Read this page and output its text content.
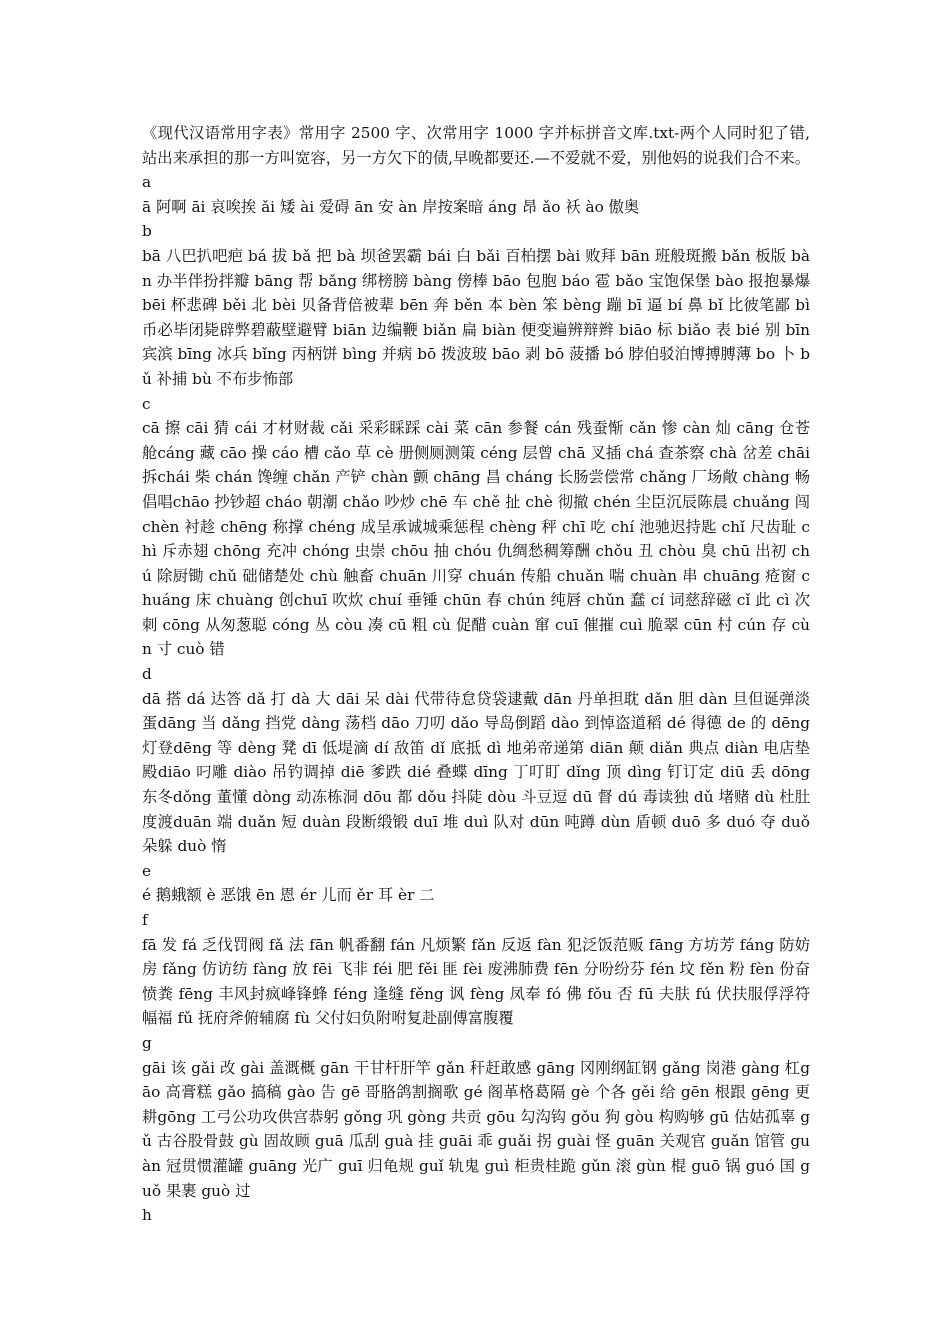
《现代汉语常用字表》常用字 2500 字、次常用字 1000 字并标拼音文库.txt-两个人同时犯了错,站出来承担的那一方叫宽容，另一方欠下的债,早晚都要还.—不爱就不爱，别他妈的说我们合不来。a

ā 阿啊 āi 哀唉挨 ǎi 矮 ài 爱碍 ān 安 àn 岸按案暗 áng 昂 ǎo 袄 ào 傲奥

b

bā 八巴扒吧疤 bá 拔 bǎ 把 bà 坝爸罢霸 bái 白 bǎi 百柏摆 bài 败拜 bān 班般斑搬 bǎn 板版 bàn 办半伴扮拌瓣 bāng 帮 bǎng 绑榜膀 bàng 傍棒 bāo 包胞 báo 雹 bǎo 宝饱保堡 bào 报抱暴爆 bēi 杯悲碑 běi 北 bèi 贝备背倍被辈 bēn 奔 běn 本 bèn 笨 bèng 蹦 bī 逼 bí 鼻 bǐ 比彼笔鄙 bì 币必毕闭毙辟弊碧蔽壁避臂 biān 边编鞭 biǎn 扁 biàn 便变遍辨辩辫 biāo 标 biǎo 表 bié 别 bīn 宾滨 bīng 冰兵 bǐng 丙柄饼 bìng 并病 bō 拨波玻 bāo 剥 bō 菠播 bó 脖伯驳泊博搏膊薄 bo 卜 bǔ 补捕 bù 不布步怖部

c

cā 擦 cāi 猜 cái 才材财裁 cǎi 采彩睬踩 cài 菜 cān 参餐 cán 残蚕惭 cǎn 惨 càn 灿 cāng 仓苍舱cáng 藏 cāo 操 cáo 槽 cǎo 草 cè 册侧厕测策 céng 层曾 chā 叉插 chá 查茶察 chà 岔差 chāi 拆chái 柴 chán 馋缠 chǎn 产铲 chàn 颤 chāng 昌 cháng 长肠尝偿常 chǎng 厂场敞 chàng 畅倡唱chāo 抄钞超 cháo 朝潮 chǎo 吵炒 chē 车 chě 扯 chè 彻撤 chén 尘臣沉辰陈晨 chuǎng 闯 chèn 衬趁 chēng 称撑 chéng 成呈承诚城乘惩程 chèng 秤 chī 吃 chí 池驰迟持匙 chǐ 尺齿耻 chì 斥赤翅 chōng 充冲 chóng 虫崇 chōu 抽 chóu 仇绸愁稠筹酬 chǒu 丑 chòu 臭 chū 出初 chú 除厨锄 chǔ 础储楚处 chù 触畜 chuān 川穿 chuán 传船 chuǎn 喘 chuàn 串 chuāng 疮窗 chuáng 床 chuàng 创chuī 吹炊 chuí 垂锤 chūn 春 chún 纯唇 chǔn 蠢 cí 词慈辞磁 cǐ 此 cì 次刺 cōng 从匆葱聪 cóng 丛 còu 凑 cū 粗 cù 促醋 cuàn 窜 cuī 催摧 cuì 脆翠 cūn 村 cún 存 cùn 寸 cuò 错

d

dā 搭 dá 达答 dǎ 打 dà 大 dāi 呆 dài 代带待怠贷袋逮戴 dān 丹单担耽 dǎn 胆 dàn 旦但诞弹淡蛋dāng 当 dǎng 挡党 dàng 荡档 dāo 刀叨 dǎo 导岛倒蹈 dào 到悼盗道稻 dé 得德 de 的 dēng 灯登dēng 等 dèng 凳 dī 低堤滴 dí 敌笛 dǐ 底抵 dì 地弟帝递第 diān 颠 diǎn 典点 diàn 电店垫殿diāo 叼雕 diào 吊钓调掉 diē 爹跌 dié 叠蝶 dīng 丁叮盯 dǐng 顶 dìng 钉订定 diū 丢 dōng 东冬dǒng 董懂 dòng 动冻栋洞 dōu 都 dǒu 抖陡 dòu 斗豆逗 dū 督 dú 毒读独 dǔ 堵赌 dù 杜肚度渡duān 端 duǎn 短 duàn 段断缎锻 duī 堆 duì 队对 dūn 吨蹲 dùn 盾顿 duō 多 duó 夺 duǒ 朵躲 duò 惰

e

é 鹅蛾额 è 恶饿 ēn 恩 ér 儿而 ěr 耳 èr 二

f

fā 发 fá 乏伐罚阀 fǎ 法 fān 帆番翻 fán 凡烦繁 fǎn 反返 fàn 犯泛饭范贩 fāng 方坊芳 fáng 防妨房 fǎng 仿访纺 fàng 放 fēi 飞非 féi 肥 fěi 匪 fèi 废沸肺费 fēn 分吩纷芬 fén 坟 fěn 粉 fèn 份奋愤粪 fēng 丰风封疯峰锋蜂 féng 逢缝 fěng 讽 fèng 凤奉 fó 佛 fǒu 否 fū 夫肤 fú 伏扶服俘浮符幅福 fǔ 抚府斧俯辅腐 fù 父付妇负附咐复赴副傅富腹覆

g

gāi 该 gǎi 改 gài 盖溉概 gān 干甘杆肝竿 gǎn 秆赶敢感 gāng 冈刚纲缸钢 gǎng 岗港 gàng 杠gāo 高膏糕 gǎo 搞稿 gào 告 gē 哥胳鸽割搁歌 gé 阁革格葛隔 gè 个各 gěi 给 gēn 根跟 gēng 更耕gōng 工弓公功攻供宫恭躬 gǒng 巩 gòng 共贡 gōu 勾沟钩 gǒu 狗 gòu 构购够 gū 估姑孤辜 gǔ 古谷股骨鼓 gù 固故顾 guā 瓜刮 guà 挂 guāi 乖 guǎi 拐 guài 怪 guān 关观官 guǎn 馆管 guàn 冠贯惯灌罐 guāng 光广 guī 归龟规 guǐ 轨鬼 guì 柜贵桂跪 gǔn 滚 gùn 棍 guō 锅 guó 国 guǒ 果裹 guò 过

h
